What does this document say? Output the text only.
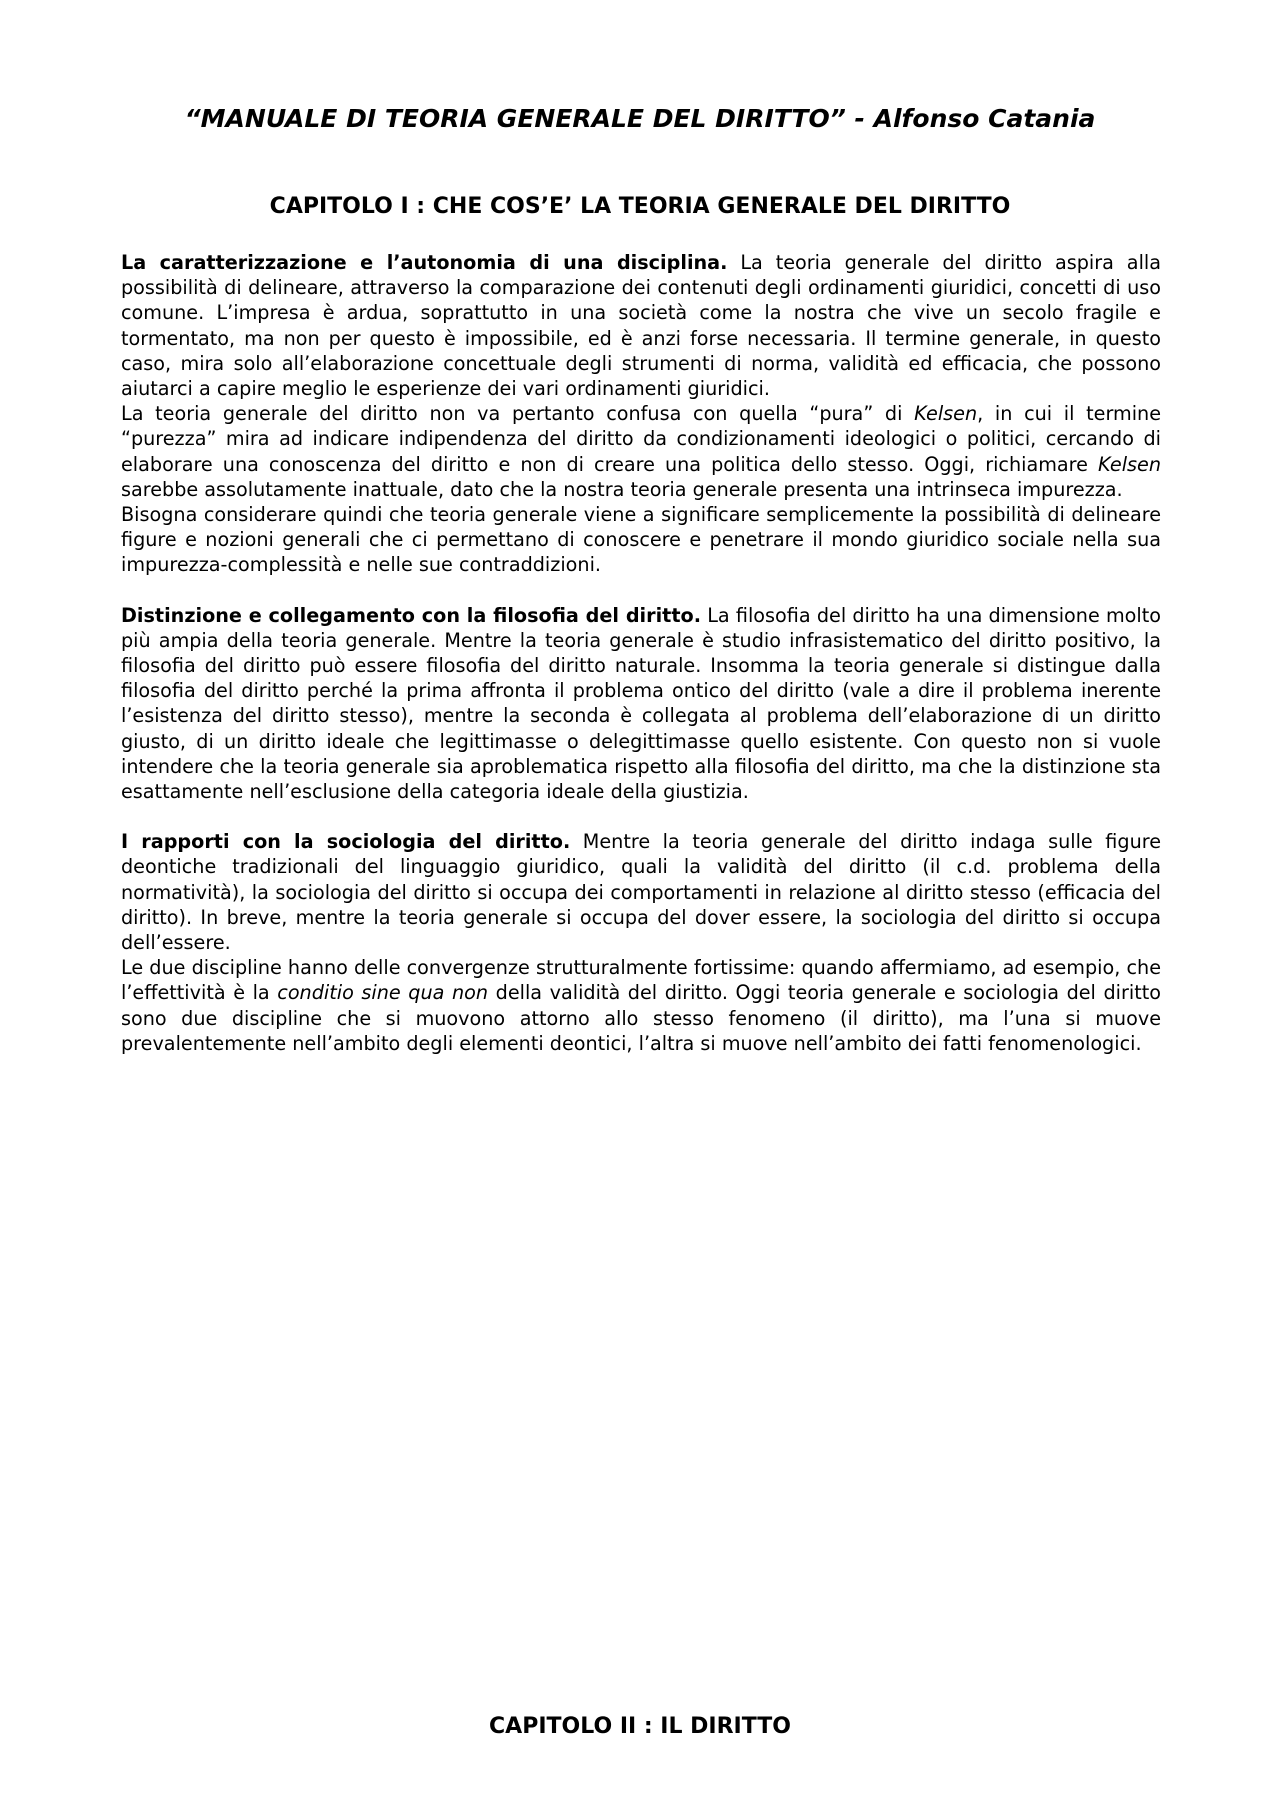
“MANUALE DI TEORIA GENERALE DEL DIRITTO” - Alfonso Catania
CAPITOLO I : CHE COS’E’ LA TEORIA GENERALE DEL DIRITTO

La caratterizzazione e l’autonomia di una disciplina. La teoria generale del diritto aspira alla possibilità di delineare, attraverso la comparazione dei contenuti degli ordinamenti giuridici, concetti di uso comune. L’impresa è ardua, soprattutto in una società come la nostra che vive un secolo fragile e tormentato, ma non per questo è impossibile, ed è anzi forse necessaria. Il termine generale, in questo caso, mira solo all’elaborazione concettuale degli strumenti di norma, validità ed efficacia, che possono aiutarci a capire meglio le esperienze dei vari ordinamenti giuridici.

La teoria generale del diritto non va pertanto confusa con quella “pura” di Kelsen, in cui il termine “purezza” mira ad indicare indipendenza del diritto da condizionamenti ideologici o politici, cercando di elaborare una conoscenza del diritto e non di creare una politica dello stesso. Oggi, richiamare Kelsen sarebbe assolutamente inattuale, dato che la nostra teoria generale presenta una intrinseca impurezza.

Bisogna considerare quindi che teoria generale viene a significare semplicemente la possibilità di delineare figure e nozioni generali che ci permettano di conoscere e penetrare il mondo giuridico sociale nella sua impurezza-complessità e nelle sue contraddizioni.

Distinzione e collegamento con la filosofia del diritto. La filosofia del diritto ha una dimensione molto più ampia della teoria generale. Mentre la teoria generale è studio infrasistematico del diritto positivo, la filosofia del diritto può essere filosofia del diritto naturale. Insomma la teoria generale si distingue dalla filosofia del diritto perché la prima affronta il problema ontico del diritto (vale a dire il problema inerente l’esistenza del diritto stesso), mentre la seconda è collegata al problema dell’elaborazione di un diritto giusto, di un diritto ideale che legittimasse o delegittimasse quello esistente. Con questo non si vuole intendere che la teoria generale sia aproblematica rispetto alla filosofia del diritto, ma che la distinzione sta esattamente nell’esclusione della categoria ideale della giustizia.

I rapporti con la sociologia del diritto. Mentre la teoria generale del diritto indaga sulle figure deontiche tradizionali del linguaggio giuridico, quali la validità del diritto (il c.d. problema della normatività), la sociologia del diritto si occupa dei comportamenti in relazione al diritto stesso (efficacia del diritto). In breve, mentre la teoria generale si occupa del dover essere, la sociologia del diritto si occupa dell’essere.

Le due discipline hanno delle convergenze strutturalmente fortissime: quando affermiamo, ad esempio, che l’effettività è la conditio sine qua non della validità del diritto. Oggi teoria generale e sociologia del diritto sono due discipline che si muovono attorno allo stesso fenomeno (il diritto), ma l’una si muove prevalentemente nell’ambito degli elementi deontici, l’altra si muove nell’ambito dei fatti fenomenologici.

CAPITOLO II : IL DIRITTO
